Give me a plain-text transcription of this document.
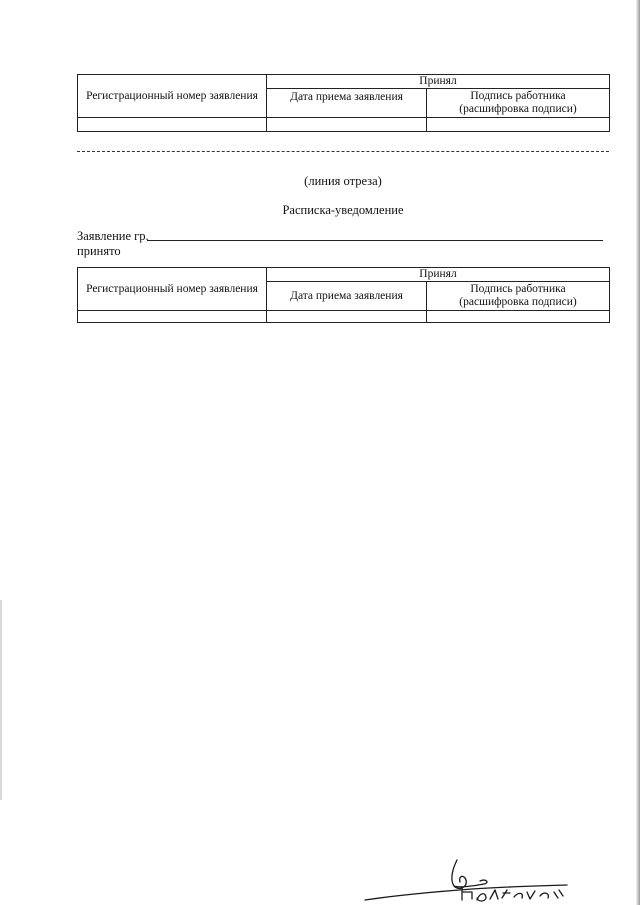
Регистрационный номер заявления	Принял	
	Дата приема заявления	Подпись работника
(расшифровка подписи)

(линия отреза)
Расписка-уведомление
Заявление гр.
принято
Регистрационный номер заявления	Принял	
	Дата приема заявления	Подпись работника
(расшифровка подписи)
